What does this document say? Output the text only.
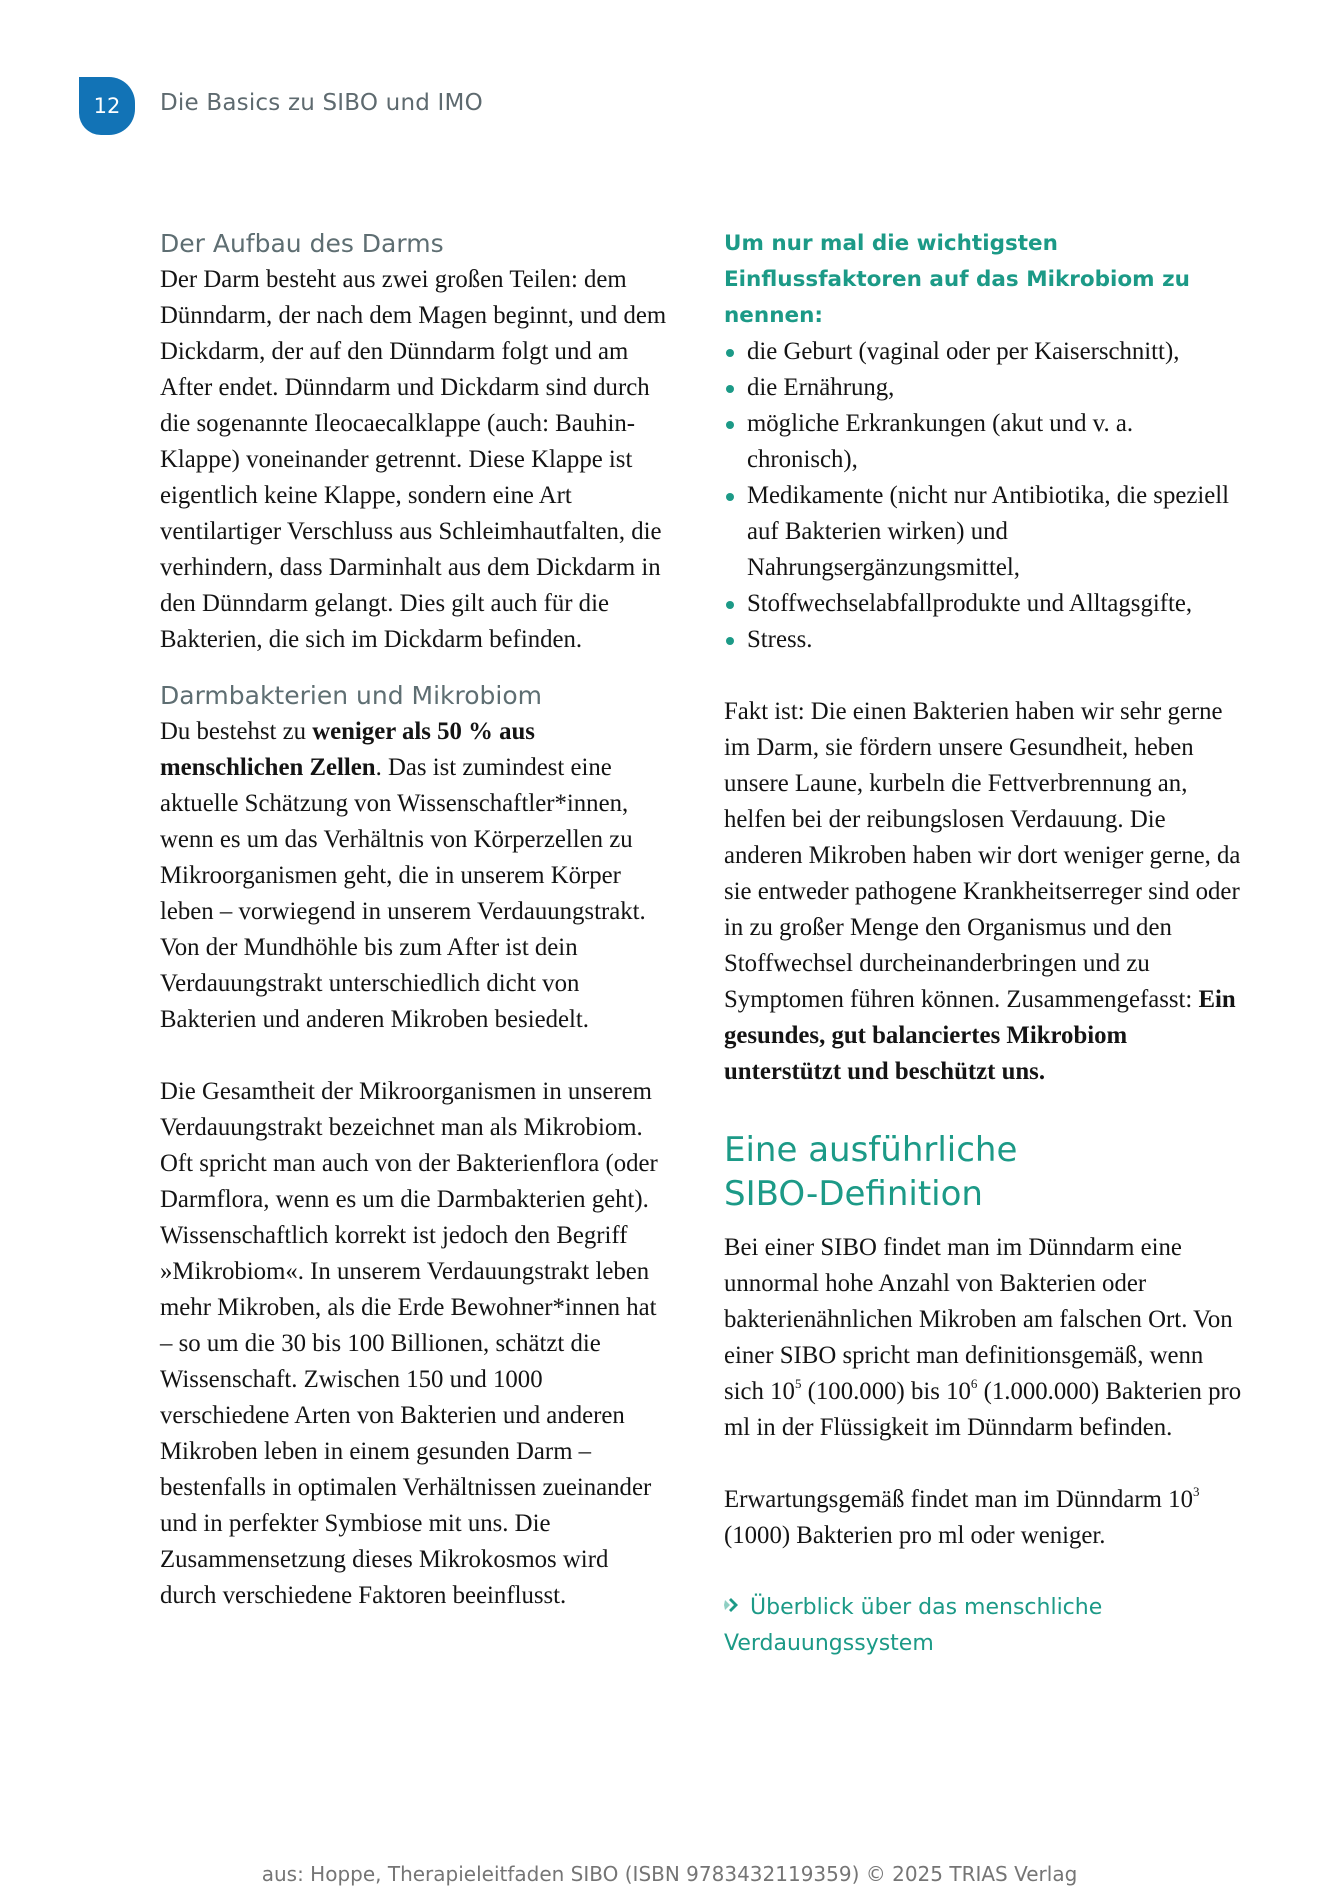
12 Die Basics zu SIBO und IMO
Der Aufbau des Darms

Der Darm besteht aus zwei großen Teilen: dem Dünndarm, der nach dem Magen beginnt, und dem Dickdarm, der auf den Dünndarm folgt und am After endet. Dünndarm und Dickdarm sind durch die sogenannte Ileocaecalklappe (auch: Bauhin-Klappe) voneinander getrennt. Diese Klappe ist eigentlich keine Klappe, sondern eine Art ventilartiger Verschluss aus Schleimhautfalten, die verhindern, dass Darminhalt aus dem Dickdarm in den Dünndarm gelangt. Dies gilt auch für die Bakterien, die sich im Dickdarm befinden.

Darmbakterien und Mikrobiom

Du bestehst zu weniger als 50 % aus menschlichen Zellen. Das ist zumindest eine aktuelle Schätzung von Wissenschaftler*innen, wenn es um das Verhältnis von Körperzellen zu Mikroorganismen geht, die in unserem Körper leben – vorwiegend in unserem Verdauungstrakt. Von der Mundhöhle bis zum After ist dein Verdauungstrakt unterschiedlich dicht von Bakterien und anderen Mikroben besiedelt.

Die Gesamtheit der Mikroorganismen in unserem Verdauungstrakt bezeichnet man als Mikrobiom. Oft spricht man auch von der Bakterienflora (oder Darmflora, wenn es um die Darmbakterien geht). Wissenschaftlich korrekt ist jedoch den Begriff »Mikrobiom«. In unserem Verdauungstrakt leben mehr Mikroben, als die Erde Bewohner*innen hat – so um die 30 bis 100 Billionen, schätzt die Wissenschaft. Zwischen 150 und 1000 verschiedene Arten von Bakterien und anderen Mikroben leben in einem gesunden Darm – bestenfalls in optimalen Verhältnissen zueinander und in perfekter Symbiose mit uns. Die Zusammensetzung dieses Mikrokosmos wird durch verschiedene Faktoren beeinflusst.

Um nur mal die wichtigsten Einflussfaktoren auf das Mikrobiom zu nennen:

die Geburt (vaginal oder per Kaiserschnitt),
die Ernährung,
mögliche Erkrankungen (akut und v. a. chronisch),
Medikamente (nicht nur Antibiotika, die speziell auf Bakterien wirken) und Nahrungsergänzungsmittel,
Stoffwechselabfallprodukte und Alltagsgifte,
Stress.

Fakt ist: Die einen Bakterien haben wir sehr gerne im Darm, sie fördern unsere Gesundheit, heben unsere Laune, kurbeln die Fettverbrennung an, helfen bei der reibungslosen Verdauung. Die anderen Mikroben haben wir dort weniger gerne, da sie entweder pathogene Krankheitserreger sind oder in zu großer Menge den Organismus und den Stoffwechsel durcheinanderbringen und zu Symptomen führen können. Zusammengefasst: Ein gesundes, gut balanciertes Mikrobiom unterstützt und beschützt uns.

Eine ausführliche
SIBO-Definition

Bei einer SIBO findet man im Dünndarm eine unnormal hohe Anzahl von Bakterien oder bakterienähnlichen Mikroben am falschen Ort. Von einer SIBO spricht man definitionsgemäß, wenn sich $10^5$ (100.000) bis $10^6$ (1.000.000) Bakterien pro ml in der Flüssigkeit im Dünndarm befinden.

Erwartungsgemäß findet man im Dünndarm $10^3$ (1000) Bakterien pro ml oder weniger.

Überblick über das menschliche Verdauungssystem
aus: Hoppe, Therapieleitfaden SIBO (ISBN 9783432119359) © 2025 TRIAS Verlag
